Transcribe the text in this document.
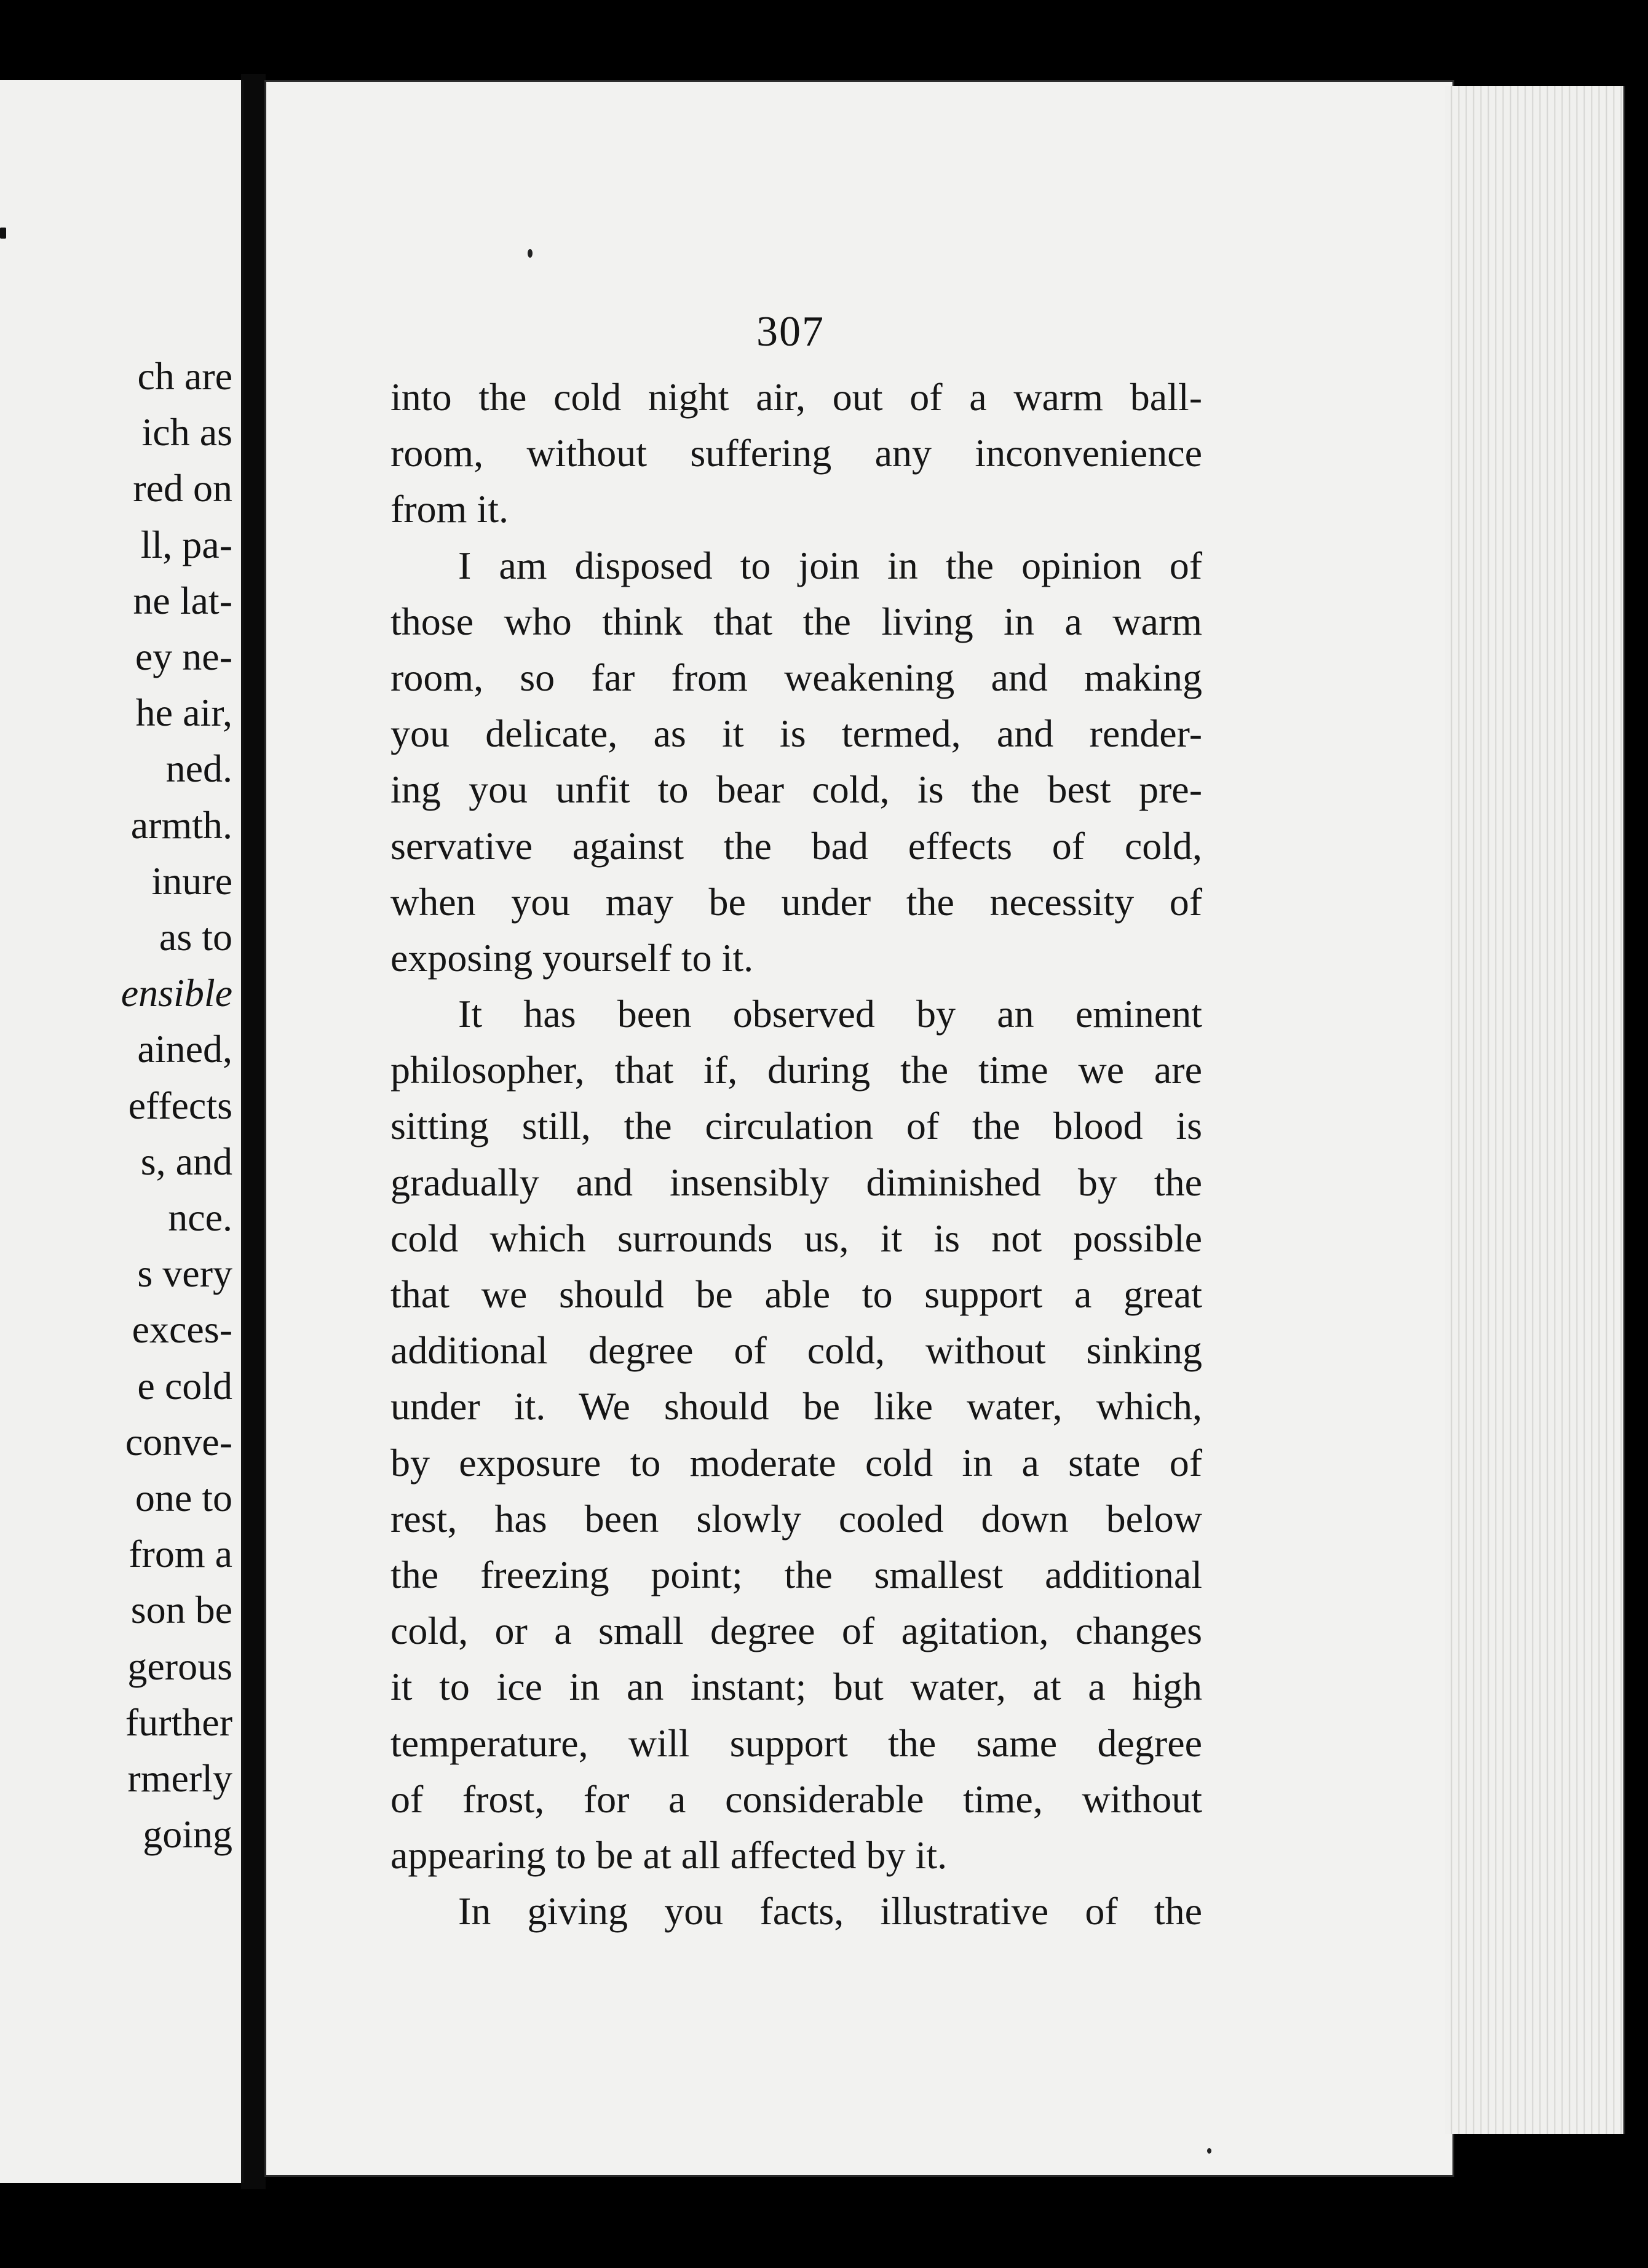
ch are
ich as
red on
ll, pa-
ne lat-
ey ne-
he air,
ned.
armth.
inure
as to
ensible
ained,
effects
s, and
nce.
s very
exces-
e cold
conve-
one to
from a
son be
gerous
further
rmerly
going
307
into the cold night air, out of a warm ball-
room, without suffering any inconvenience
from it.
I am disposed to join in the opinion of
those who think that the living in a warm
room, so far from weakening and making
you delicate, as it is termed, and render-
ing you unfit to bear cold, is the best pre-
servative against the bad effects of cold,
when you may be under the necessity of
exposing yourself to it.
It has been observed by an eminent
philosopher, that if, during the time we are
sitting still, the circulation of the blood is
gradually and insensibly diminished by the
cold which surrounds us, it is not possible
that we should be able to support a great
additional degree of cold, without sinking
under it. We should be like water, which,
by exposure to moderate cold in a state of
rest, has been slowly cooled down below
the freezing point; the smallest additional
cold, or a small degree of agitation, changes
it to ice in an instant; but water, at a high
temperature, will support the same degree
of frost, for a considerable time, without
appearing to be at all affected by it.
In giving you facts, illustrative of the
